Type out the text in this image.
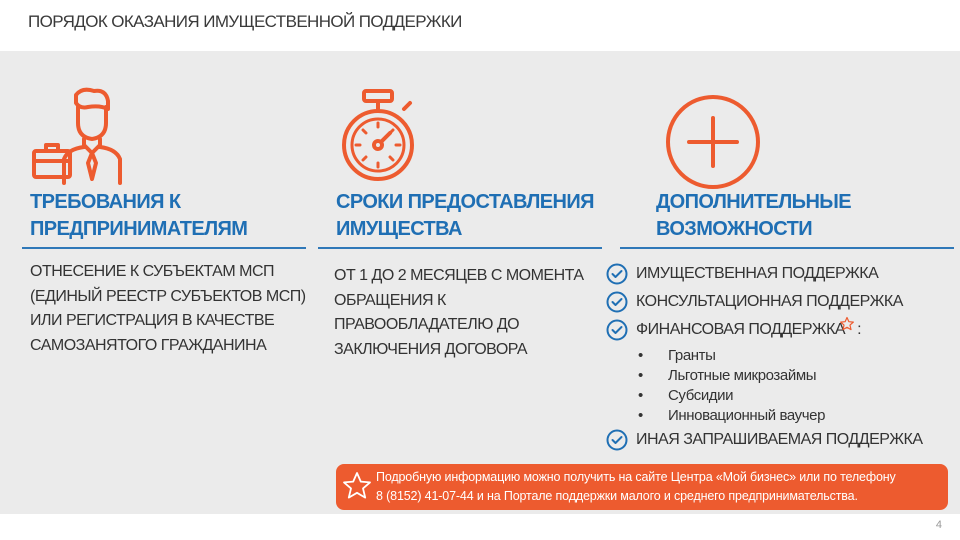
ПОРЯДОК ОКАЗАНИЯ ИМУЩЕСТВЕННОЙ ПОДДЕРЖКИ
ТРЕБОВАНИЯ К
ПРЕДПРИНИМАТЕЛЯМ
ОТНЕСЕНИЕ К СУБЪЕКТАМ МСП
(ЕДИНЫЙ РЕЕСТР СУБЪЕКТОВ МСП)
ИЛИ РЕГИСТРАЦИЯ В КАЧЕСТВЕ
САМОЗАНЯТОГО ГРАЖДАНИНА
СРОКИ ПРЕДОСТАВЛЕНИЯ
ИМУЩЕСТВА
ОТ 1 ДО 2 МЕСЯЦЕВ С МОМЕНТА
ОБРАЩЕНИЯ К
ПРАВООБЛАДАТЕЛЮ ДО
ЗАКЛЮЧЕНИЯ ДОГОВОРА
ДОПОЛНИТЕЛЬНЫЕ
ВОЗМОЖНОСТИ
ИМУЩЕСТВЕННАЯ ПОДДЕРЖКА
КОНСУЛЬТАЦИОННАЯ ПОДДЕРЖКА
ФИНАНСОВАЯ ПОДДЕРЖКА :
• Гранты
• Льготные микрозаймы
• Субсидии
• Инновационный ваучер
ИНАЯ ЗАПРАШИВАЕМАЯ ПОДДЕРЖКА
Подробную информацию можно получить на сайте Центра «Мой бизнес» или по телефону
8 (8152) 41-07-44 и на Портале поддержки малого и среднего предпринимательства.
4
